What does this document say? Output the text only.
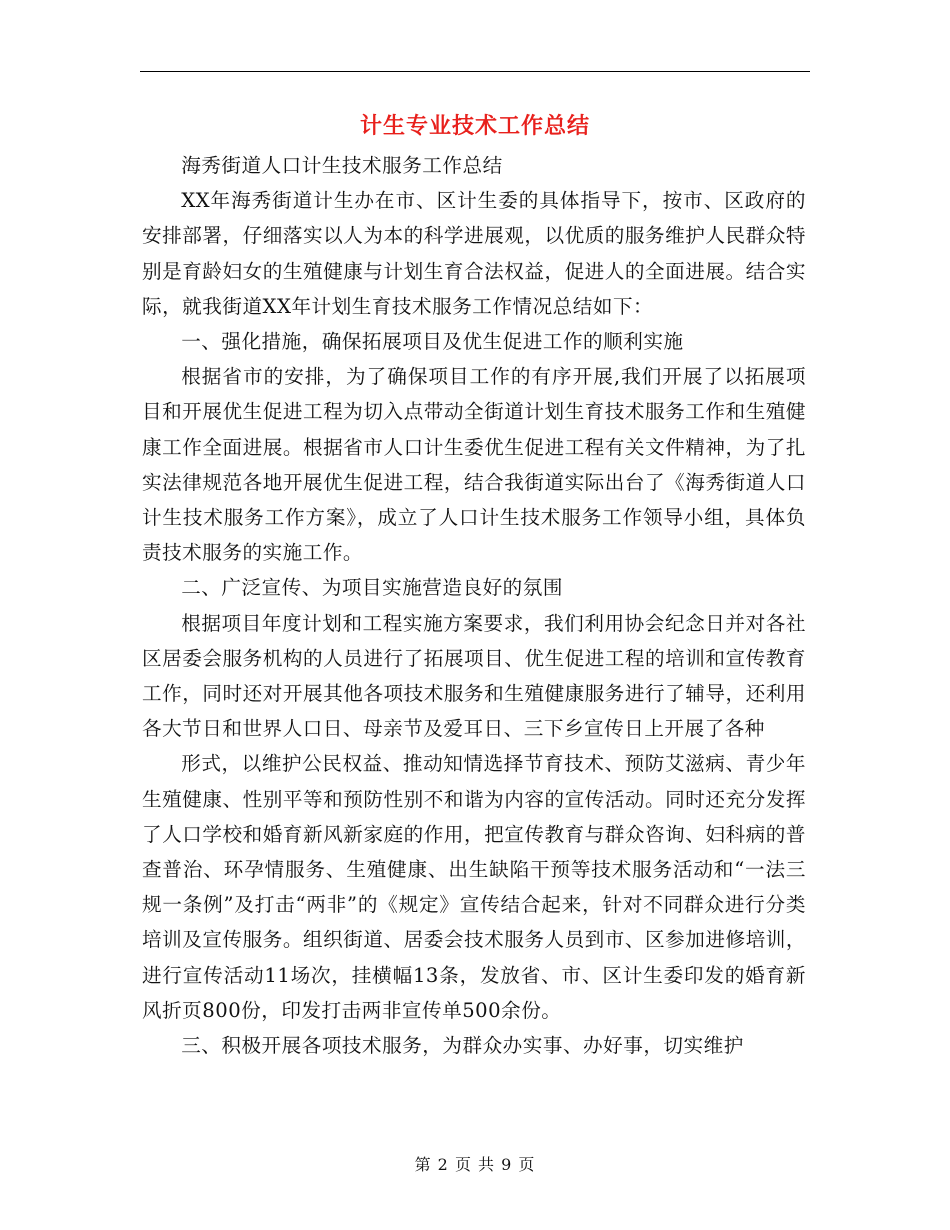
计生专业技术工作总结

海秀街道人口计生技术服务工作总结

XX年海秀街道计生办在市、区计生委的具体指导下，按市、区政府的安排部署，仔细落实以人为本的科学进展观，以优质的服务维护人民群众特别是育龄妇女的生殖健康与计划生育合法权益，促进人的全面进展。结合实际，就我街道XX年计划生育技术服务工作情况总结如下：

一、强化措施，确保拓展项目及优生促进工作的顺利实施

根据省市的安排，为了确保项目工作的有序开展,我们开展了以拓展项目和开展优生促进工程为切入点带动全街道计划生育技术服务工作和生殖健康工作全面进展。根据省市人口计生委优生促进工程有关文件精神，为了扎实法律规范各地开展优生促进工程，结合我街道实际出台了《海秀街道人口计生技术服务工作方案》，成立了人口计生技术服务工作领导小组，具体负责技术服务的实施工作。

二、广泛宣传、为项目实施营造良好的氛围

根据项目年度计划和工程实施方案要求，我们利用协会纪念日并对各社区居委会服务机构的人员进行了拓展项目、优生促进工程的培训和宣传教育工作，同时还对开展其他各项技术服务和生殖健康服务进行了辅导，还利用各大节日和世界人口日、母亲节及爱耳日、三下乡宣传日上开展了各种

形式，以维护公民权益、推动知情选择节育技术、预防艾滋病、青少年生殖健康、性别平等和预防性别不和谐为内容的宣传活动。同时还充分发挥了人口学校和婚育新风新家庭的作用，把宣传教育与群众咨询、妇科病的普查普治、环孕情服务、生殖健康、出生缺陷干预等技术服务活动和“一法三规一条例”及打击“两非”的《规定》宣传结合起来，针对不同群众进行分类培训及宣传服务。组织街道、居委会技术服务人员到市、区参加进修培训，进行宣传活动11场次，挂横幅13条，发放省、市、区计生委印发的婚育新风折页800份，印发打击两非宣传单500余份。

三、积极开展各项技术服务，为群众办实事、办好事，切实维护

第 2 页 共 9 页
